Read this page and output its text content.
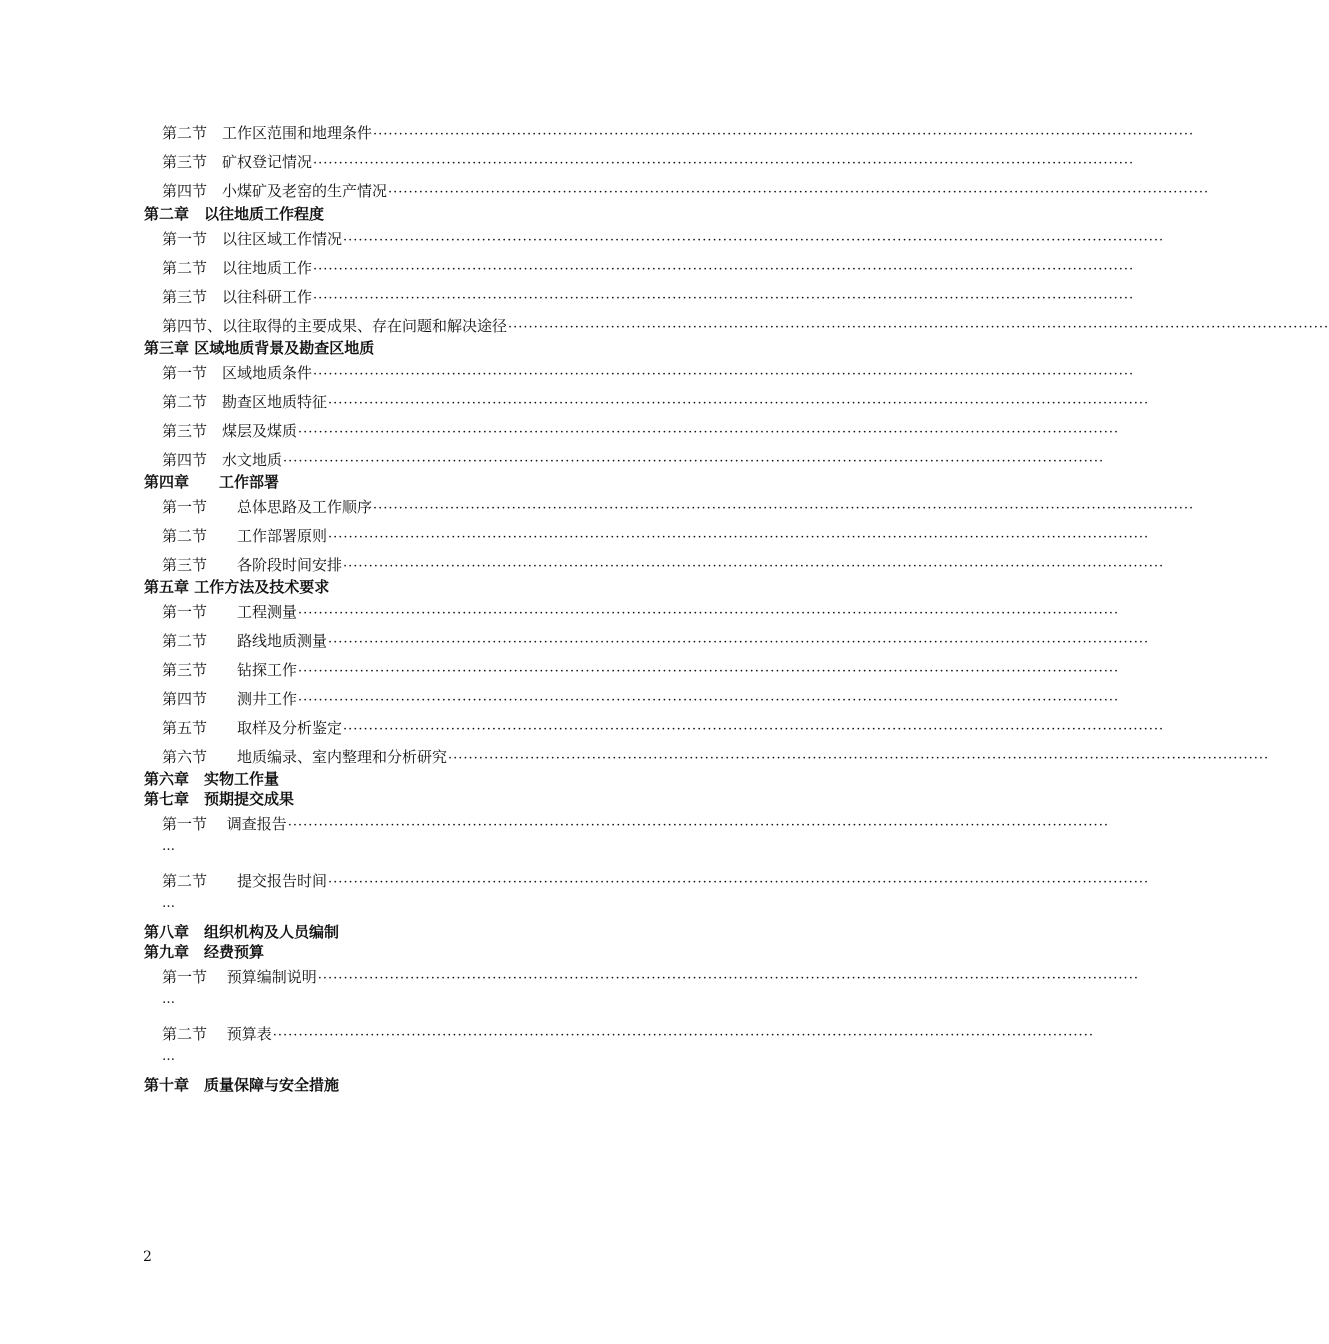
第二节　工作区范围和地理条件 ································································································································································
第三节　矿权登记情况 ································································································································································
第四节　小煤矿及老窑的生产情况 ································································································································································
第二章　以往地质工作程度
第一节　以往区域工作情况 ································································································································································
第二节　以往地质工作 ································································································································································
第三节　以往科研工作 ································································································································································
第四节、以往取得的主要成果、存在问题和解决途径 ································································································································································
第三章 区域地质背景及勘查区地质
第一节　区域地质条件 ································································································································································
第二节　勘查区地质特征 ································································································································································
第三节　煤层及煤质 ································································································································································
第四节　水文地质 ································································································································································
第四章　　工作部署
第一节　　总体思路及工作顺序 ································································································································································
第二节　　工作部署原则 ································································································································································
第三节　　各阶段时间安排 ································································································································································
第五章 工作方法及技术要求
第一节　　工程测量 ································································································································································
第二节　　路线地质测量 ································································································································································
第三节　　钻探工作 ································································································································································
第四节　　测井工作 ································································································································································
第五节　　取样及分析鉴定 ································································································································································
第六节　　地质编录、室内整理和分析研究 ································································································································································
第六章　实物工作量
第七章　预期提交成果
第一节　 调查报告 ································································································································································
…
第二节　　提交报告时间 ································································································································································
…
第八章　组织机构及人员编制
第九章　经费预算
第一节　 预算编制说明 ································································································································································
…
第二节　 预算表 ································································································································································
…
第十章　质量保障与安全措施
2
